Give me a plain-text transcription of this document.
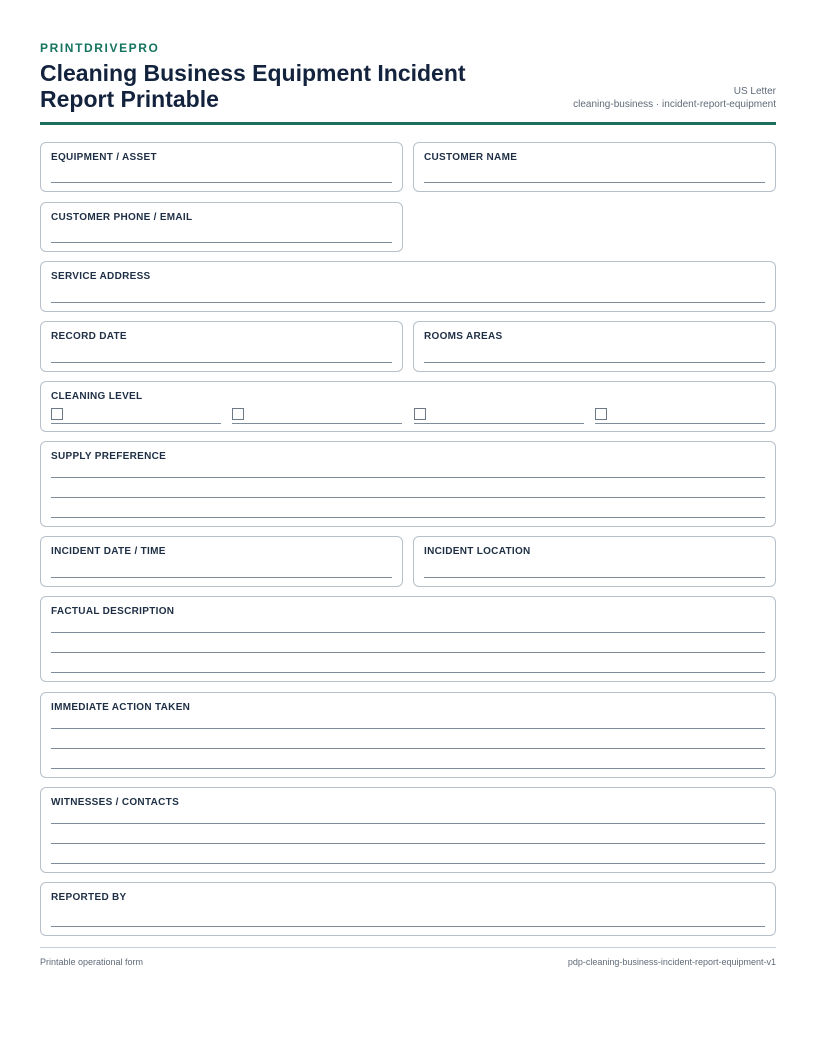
PRINTDRIVEPRO
Cleaning Business Equipment Incident Report Printable	US Letter
cleaning-business · incident-report-equipment
EQUIPMENT / ASSET	CUSTOMER NAME
CUSTOMER PHONE / EMAIL
SERVICE ADDRESS
RECORD DATE	ROOMS AREAS
CLEANING LEVEL
SUPPLY PREFERENCE
INCIDENT DATE / TIME	INCIDENT LOCATION
FACTUAL DESCRIPTION
IMMEDIATE ACTION TAKEN
WITNESSES / CONTACTS
REPORTED BY
Printable operational form	pdp-cleaning-business-incident-report-equipment-v1
